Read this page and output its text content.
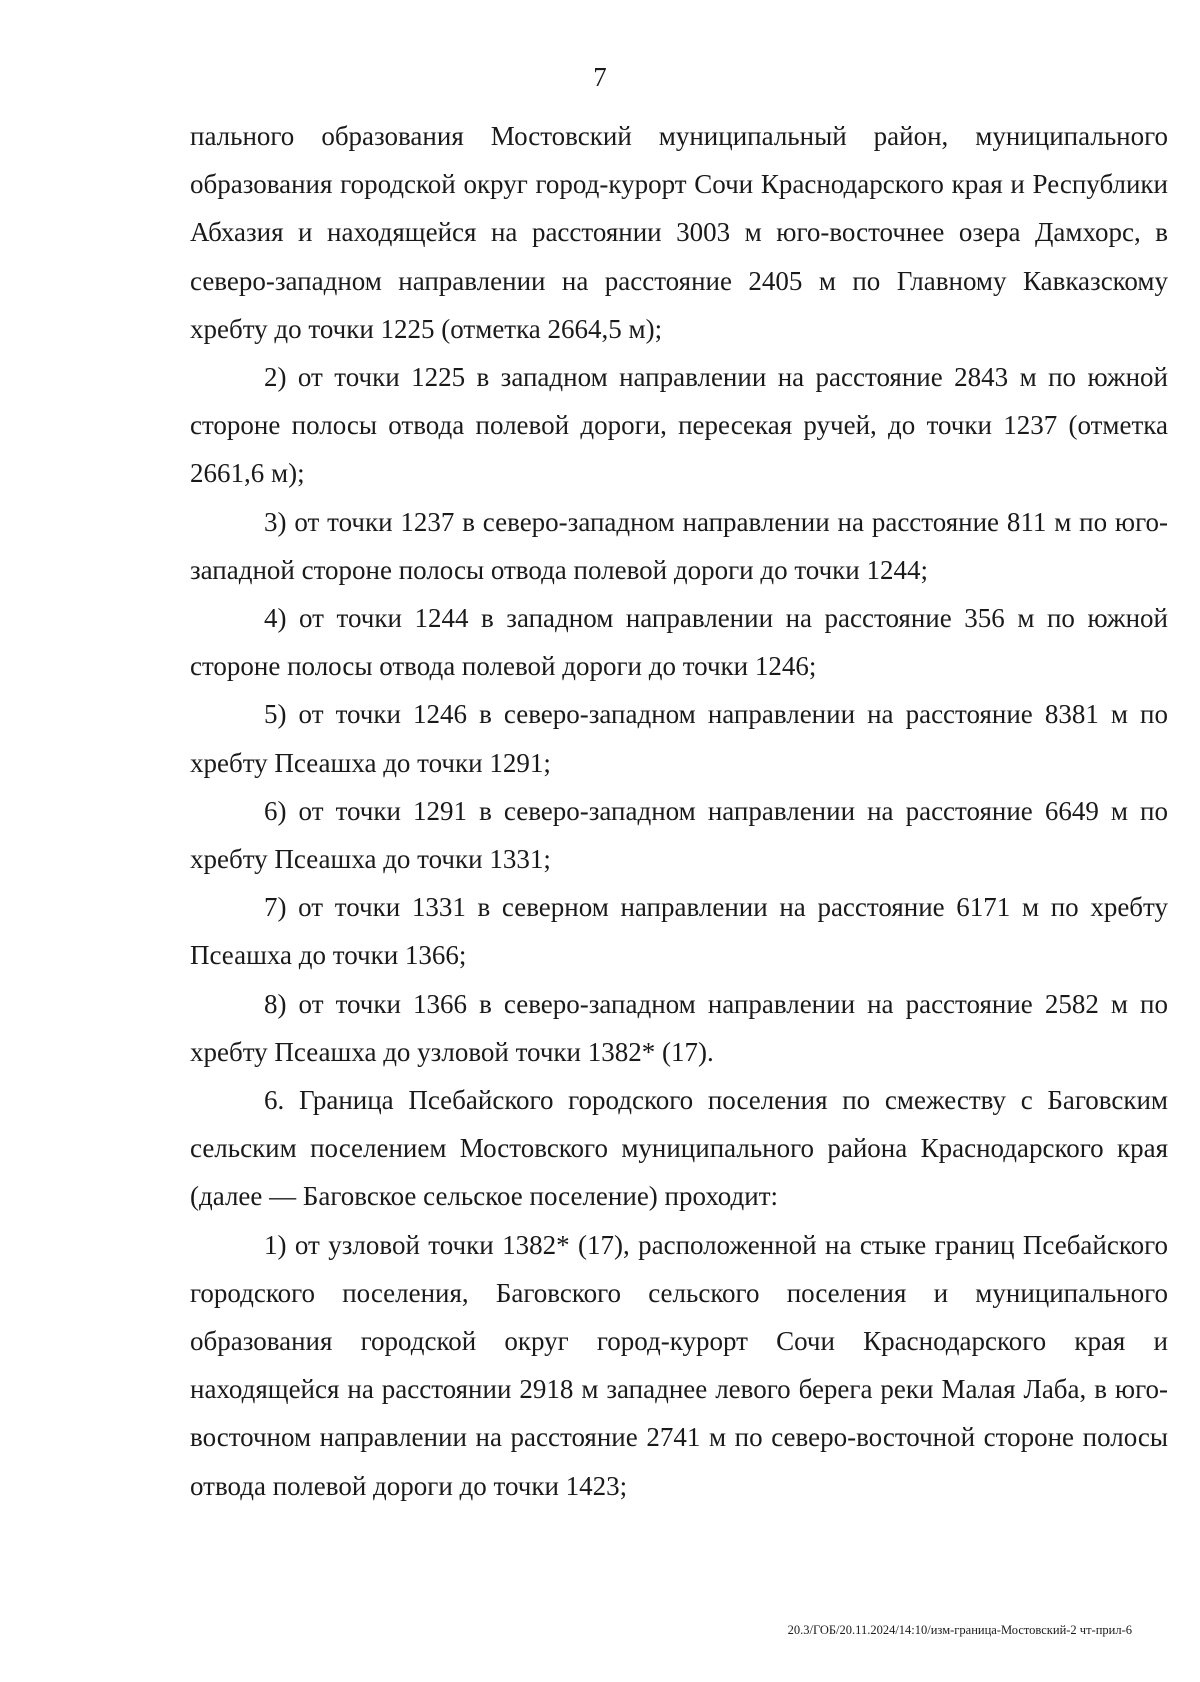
7

пального образования Мостовский муниципальный район, муниципального образования городской округ город-курорт Сочи Краснодарского края и Республики Абхазия и находящейся на расстоянии 3003 м юго-восточнее озера Дамхорс, в северо-западном направлении на расстояние 2405 м по Главному Кавказскому хребту до точки 1225 (отметка 2664,5 м);

2) от точки 1225 в западном направлении на расстояние 2843 м по южной стороне полосы отвода полевой дороги, пересекая ручей, до точки 1237 (отметка 2661,6 м);

3) от точки 1237 в северо-западном направлении на расстояние 811 м по юго-западной стороне полосы отвода полевой дороги до точки 1244;

4) от точки 1244 в западном направлении на расстояние 356 м по южной стороне полосы отвода полевой дороги до точки 1246;

5) от точки 1246 в северо-западном направлении на расстояние 8381 м по хребту Псеашха до точки 1291;

6) от точки 1291 в северо-западном направлении на расстояние 6649 м по хребту Псеашха до точки 1331;

7) от точки 1331 в северном направлении на расстояние 6171 м по хребту Псеашха до точки 1366;

8) от точки 1366 в северо-западном направлении на расстояние 2582 м по хребту Псеашха до узловой точки 1382* (17).

6. Граница Псебайского городского поселения по смежеству с Баговским сельским поселением Мостовского муниципального района Краснодарского края (далее — Баговское сельское поселение) проходит:

1) от узловой точки 1382* (17), расположенной на стыке границ Псебайского городского поселения, Баговского сельского поселения и муниципального образования городской округ город-курорт Сочи Краснодарского края и находящейся на расстоянии 2918 м западнее левого берега реки Малая Лаба, в юго-восточном направлении на расстояние 2741 м по северо-восточной стороне полосы отвода полевой дороги до точки 1423;

20.3/ГОБ/20.11.2024/14:10/изм-граница-Мостовский-2 чт-прил-6
